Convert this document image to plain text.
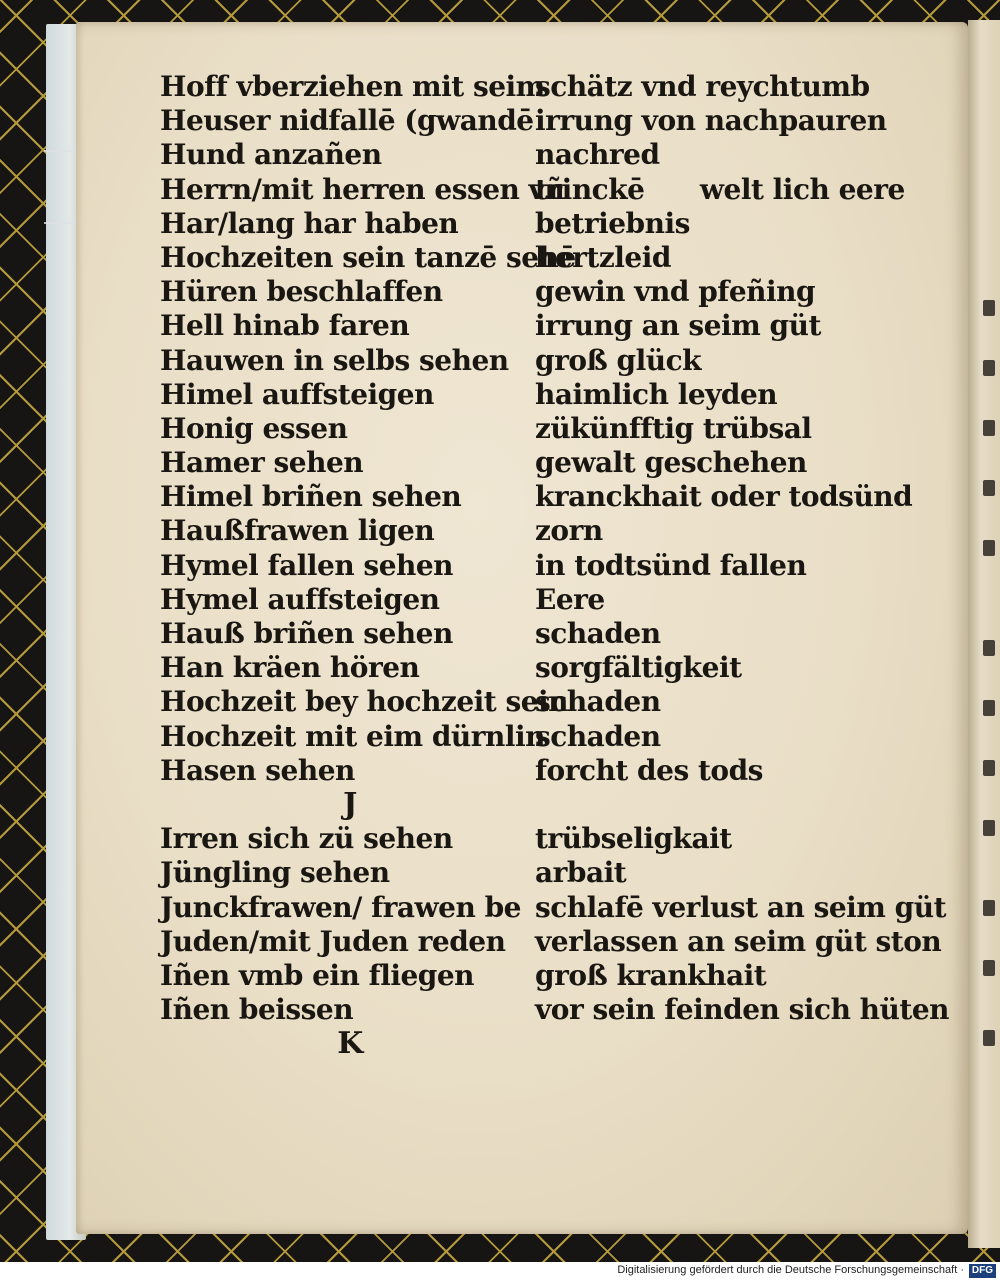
Hoff vberziehen mit seim
Heuser nidfallē (gwandē
Hund anzañen
Herrn/mit herren essen vñ
Har/lang har haben
Hochzeiten sein tanzē sehē
Hüren beschlaffen
Hell hinab faren
Hauwen in selbs sehen
Himel auffsteigen
Honig essen
Hamer sehen
Himel briñen sehen
Haußfrawen ligen
Hymel fallen sehen
Hymel auffsteigen
Hauß briñen sehen
Han kräen hören
Hochzeit bey hochzeit sein
Hochzeit mit eim dürnlin
Hasen sehen
J
Irren sich zü sehen
Jüngling sehen
Junckfrawen/ frawen be
Juden/mit Juden reden
Iñen vmb ein fliegen
Iñen beissen
K
schätz vnd reychtumb
irrung von nachpauren
nachred
trinckē      welt lich eere
betriebnis
hertzleid
gewin vnd pfeñing
irrung an seim güt
groß glück
haimlich leyden
zükünfftig trübsal
gewalt geschehen
kranckhait oder todsünd
zorn
in todtsünd fallen
Eere
schaden
sorgfältigkeit
schaden
schaden
forcht des tods
trübseligkait
arbait
schlafē verlust an seim güt
verlassen an seim güt ston
groß krankhait
vor sein feinden sich hüten
Digitalisierung gefördert durch die Deutsche Forschungsgemeinschaft · DFG
